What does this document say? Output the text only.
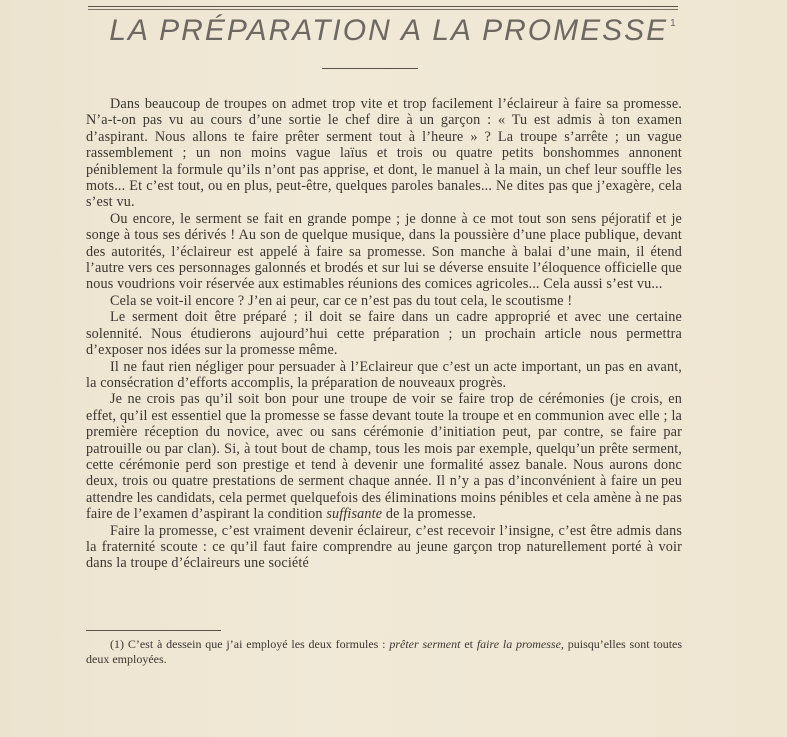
LA PRÉPARATION A LA PROMESSE $^1$

Dans beaucoup de troupes on admet trop vite et trop facilement l’éclaireur à faire sa promesse. N’a-t-on pas vu au cours d’une sortie le chef dire à un garçon : « Tu est admis à ton examen d’aspirant. Nous allons te faire prêter serment tout à l’heure » ? La troupe s’arrête ; un vague rassemblement ; un non moins vague laïus et trois ou quatre petits bonshommes annonent péniblement la formule qu’ils n’ont pas apprise, et dont, le manuel à la main, un chef leur souffle les mots... Et c’est tout, ou en plus, peut-être, quelques paroles banales... Ne dites pas que j’exagère, cela s’est vu.

Ou encore, le serment se fait en grande pompe ; je donne à ce mot tout son sens péjoratif et je songe à tous ses dérivés ! Au son de quelque musique, dans la poussière d’une place publique, devant des autorités, l’éclaireur est appelé à faire sa promesse. Son manche à balai d’une main, il étend l’autre vers ces personnages galonnés et brodés et sur lui se déverse ensuite l’éloquence officielle que nous voudrions voir réservée aux estimables réunions des comices agricoles... Cela aussi s’est vu...

Cela se voit-il encore ? J’en ai peur, car ce n’est pas du tout cela, le scoutisme !

Le serment doit être préparé ; il doit se faire dans un cadre approprié et avec une certaine solennité. Nous étudierons aujourd’hui cette préparation ; un prochain article nous permettra d’exposer nos idées sur la promesse même.

Il ne faut rien négliger pour persuader à l’Eclaireur que c’est un acte important, un pas en avant, la consécration d’efforts accomplis, la préparation de nouveaux progrès.

Je ne crois pas qu’il soit bon pour une troupe de voir se faire trop de cérémonies (je crois, en effet, qu’il est essentiel que la promesse se fasse devant toute la troupe et en communion avec elle ; la première réception du novice, avec ou sans cérémonie d’initiation peut, par contre, se faire par patrouille ou par clan). Si, à tout bout de champ, tous les mois par exemple, quelqu’un prête serment, cette cérémonie perd son prestige et tend à devenir une formalité assez banale. Nous aurons donc deux, trois ou quatre prestations de serment chaque année. Il n’y a pas d’inconvénient à faire un peu attendre les candidats, cela permet quelquefois des éliminations moins pénibles et cela amène à ne pas faire de l’examen d’aspirant la condition suffisante de la promesse.

Faire la promesse, c’est vraiment devenir éclaireur, c’est recevoir l’insigne, c’est être admis dans la fraternité scoute : ce qu’il faut faire comprendre au jeune garçon trop naturellement porté à voir dans la troupe d’éclaireurs une société

(1) C’est à dessein que j’ai employé les deux formules : prêter serment et faire la promesse, puisqu’elles sont toutes deux employées.
